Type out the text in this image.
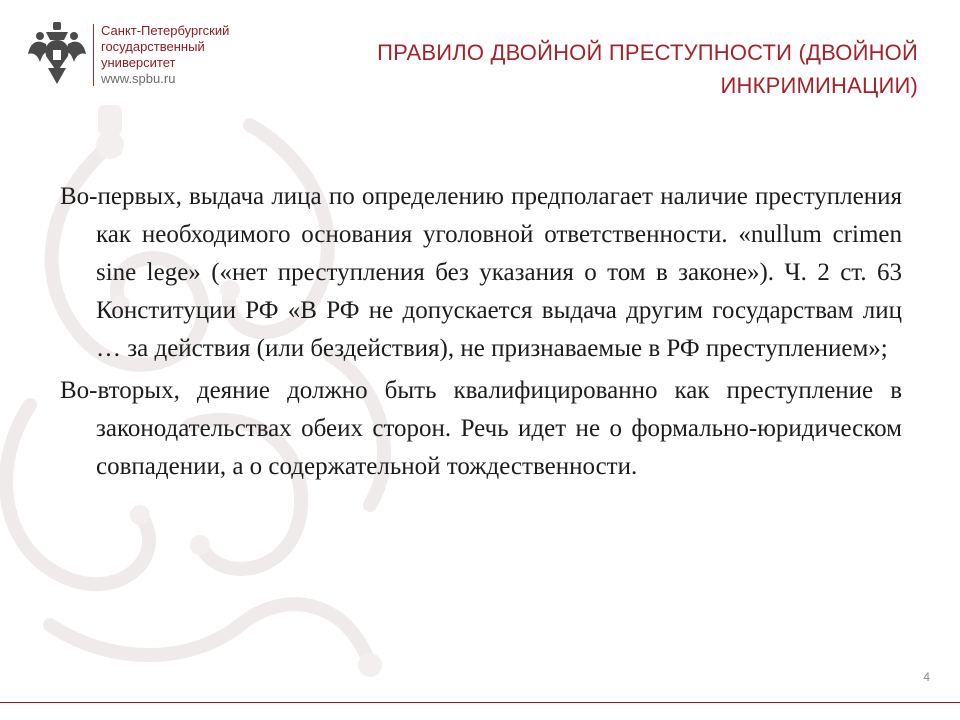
Санкт-Петербургский
государственный
университет
www.spbu.ru
ПРАВИЛО ДВОЙНОЙ ПРЕСТУПНОСТИ (ДВОЙНОЙ
ИНКРИМИНАЦИИ)

Во-первых, выдача лица по определению предполагает наличие преступления как необходимого основания уголовной ответственности. «nullum crimen sine lege» («нет преступления без указания о том в законе»). Ч. 2 ст. 63 Конституции РФ «В РФ не допускается выдача другим государствам лиц … за действия (или бездействия), не признаваемые в РФ преступлением»;

Во-вторых, деяние должно быть квалифицированно как преступление в законодательствах обеих сторон. Речь идет не о формально-юридическом совпадении, а о содержательной тождественности.

4
